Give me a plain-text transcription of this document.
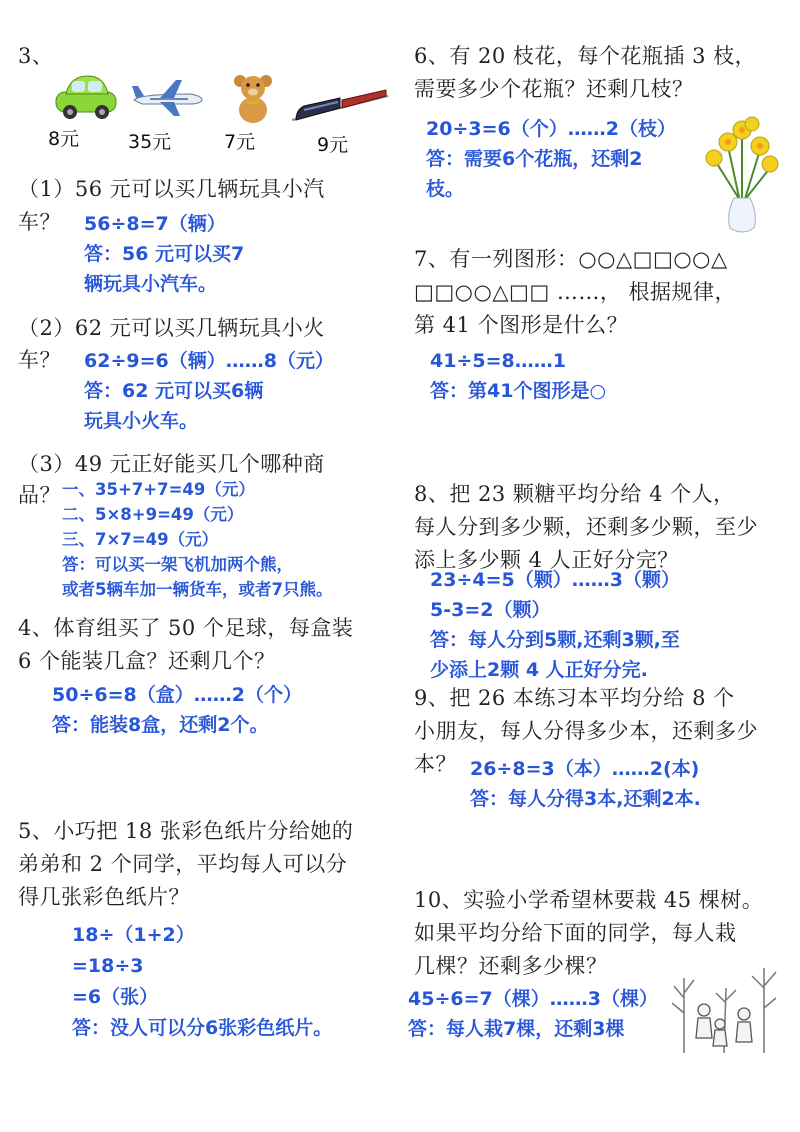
3、
8元	35元	7元	9元
（1）56 元可以买几辆玩具小汽
车？ 56÷8=7（辆）
答：56 元可以买7
辆玩具小汽车。
（2）62 元可以买几辆玩具小火
车？ 62÷9=6（辆）……8（元）
答：62 元可以买6辆
玩具小火车。
（3）49 元正好能买几个哪种商
品？ 一、35+7+7=49（元）
二、5×8+9=49（元）
三、7×7=49（元）
答：可以买一架飞机加两个熊，
或者5辆车加一辆货车，或者7只熊。
4、体育组买了 50 个足球，每盒装
6 个能装几盒？还剩几个？
50÷6=8（盒）……2（个）
答：能装8盒，还剩2个。
5、小巧把 18 张彩色纸片分给她的
弟弟和 2 个同学，平均每人可以分
得几张彩色纸片？
18÷（1+2）
=18÷3
=6（张）
答：没人可以分6张彩色纸片。
6、有 20 枝花，每个花瓶插 3 枝，
需要多少个花瓶？还剩几枝？
20÷3=6（个）……2（枝）
答：需要6个花瓶，还剩2
枝。
7、有一列图形：○○△□□○○△
□□○○△□□ ……， 根据规律，
第 41 个图形是什么？
41÷5=8……1
答：第41个图形是○
8、把 23 颗糖平均分给 4 个人，
每人分到多少颗，还剩多少颗，至少
添上多少颗 4 人正好分完？
23÷4=5（颗）……3（颗）
5-3=2（颗）
答：每人分到5颗,还剩3颗,至
少添上2颗 4 人正好分完.
9、把 26 本练习本平均分给 8 个
小朋友，每人分得多少本，还剩多少
本？ 26÷8=3（本）……2(本)
答：每人分得3本,还剩2本.
10、实验小学希望林要栽 45 棵树。
如果平均分给下面的同学，每人栽
几棵？还剩多少棵？
45÷6=7（棵）……3（棵）
答：每人栽7棵，还剩3棵
